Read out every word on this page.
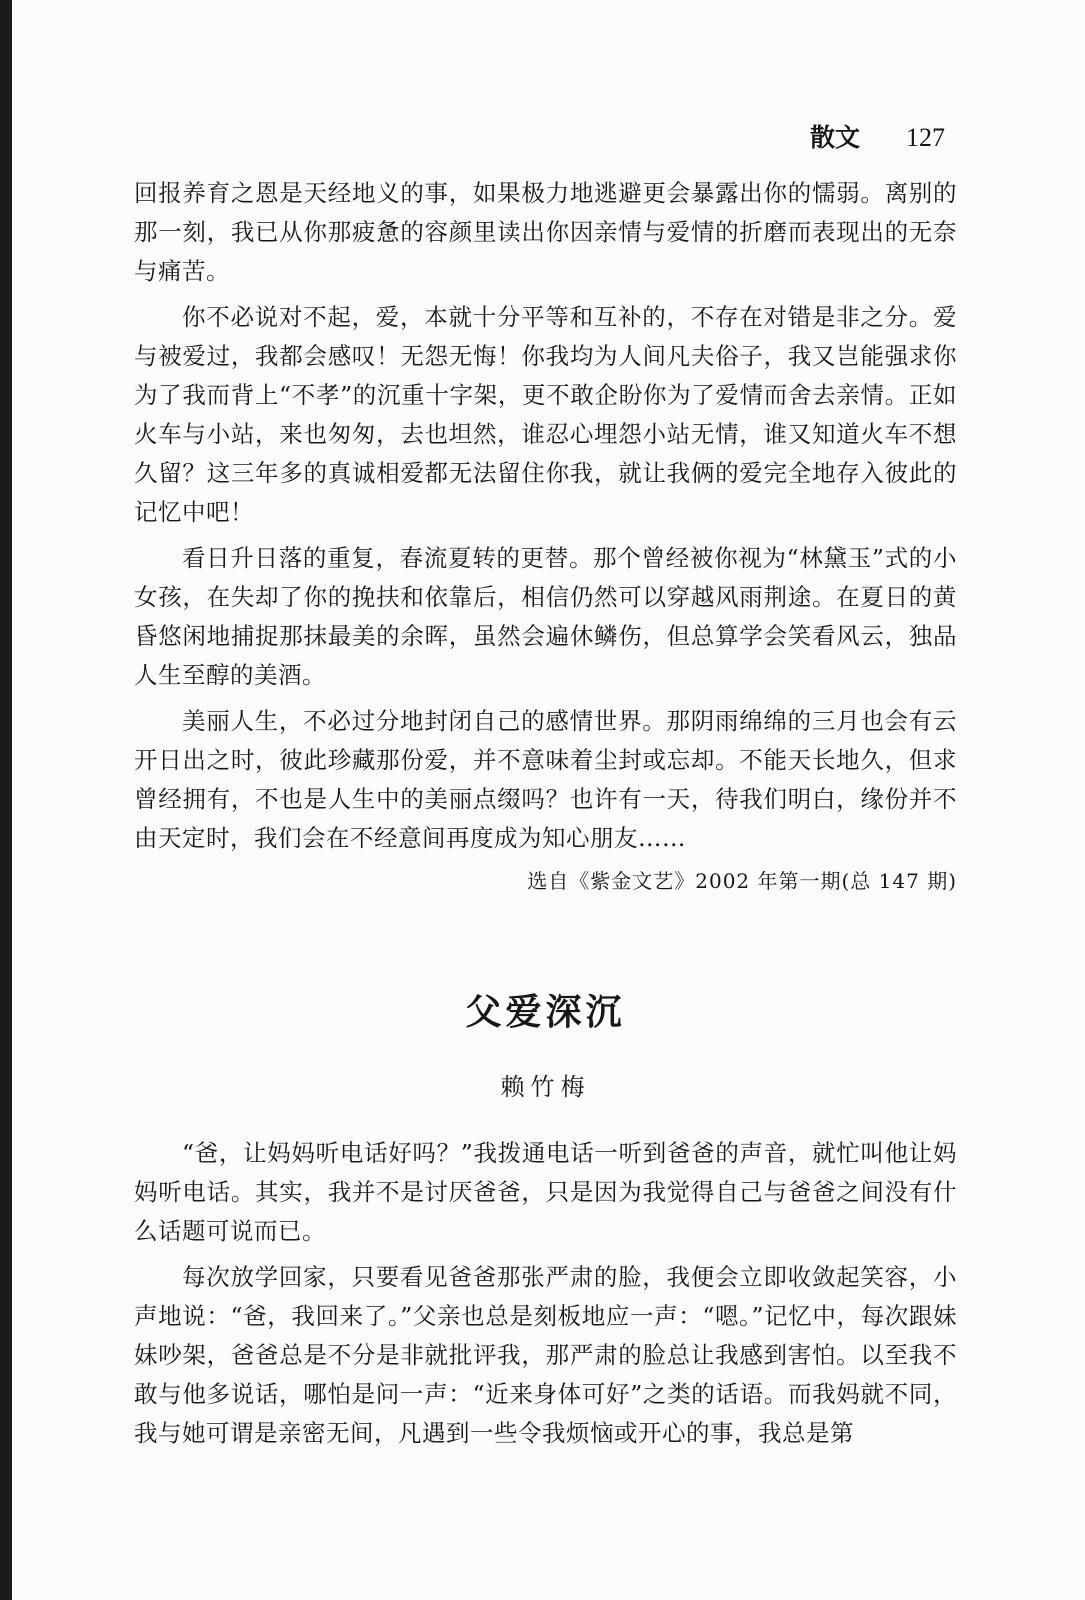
散文 127

回报养育之恩是天经地义的事，如果极力地逃避更会暴露出你的懦弱。离别的那一刻，我已从你那疲惫的容颜里读出你因亲情与爱情的折磨而表现出的无奈与痛苦。

你不必说对不起，爱，本就十分平等和互补的，不存在对错是非之分。爱与被爱过，我都会感叹！无怨无悔！你我均为人间凡夫俗子，我又岂能强求你为了我而背上“不孝”的沉重十字架，更不敢企盼你为了爱情而舍去亲情。正如火车与小站，来也匆匆，去也坦然，谁忍心埋怨小站无情，谁又知道火车不想久留？这三年多的真诚相爱都无法留住你我，就让我俩的爱完全地存入彼此的记忆中吧！

看日升日落的重复，春流夏转的更替。那个曾经被你视为“林黛玉”式的小女孩，在失却了你的挽扶和依靠后，相信仍然可以穿越风雨荆途。在夏日的黄昏悠闲地捕捉那抹最美的余晖，虽然会遍休鳞伤，但总算学会笑看风云，独品人生至醇的美酒。

美丽人生，不必过分地封闭自己的感情世界。那阴雨绵绵的三月也会有云开日出之时，彼此珍藏那份爱，并不意味着尘封或忘却。不能天长地久，但求曾经拥有，不也是人生中的美丽点缀吗？也许有一天，待我们明白，缘份并不由天定时，我们会在不经意间再度成为知心朋友……

选自《紫金文艺》2002 年第一期(总 147 期)
父爱深沉
赖竹梅

“爸，让妈妈听电话好吗？”我拨通电话一听到爸爸的声音，就忙叫他让妈妈听电话。其实，我并不是讨厌爸爸，只是因为我觉得自己与爸爸之间没有什么话题可说而已。

每次放学回家，只要看见爸爸那张严肃的脸，我便会立即收敛起笑容，小声地说：“爸，我回来了。”父亲也总是刻板地应一声：“嗯。”记忆中，每次跟妹妹吵架，爸爸总是不分是非就批评我，那严肃的脸总让我感到害怕。以至我不敢与他多说话，哪怕是问一声：“近来身体可好”之类的话语。而我妈就不同，我与她可谓是亲密无间，凡遇到一些令我烦恼或开心的事，我总是第
